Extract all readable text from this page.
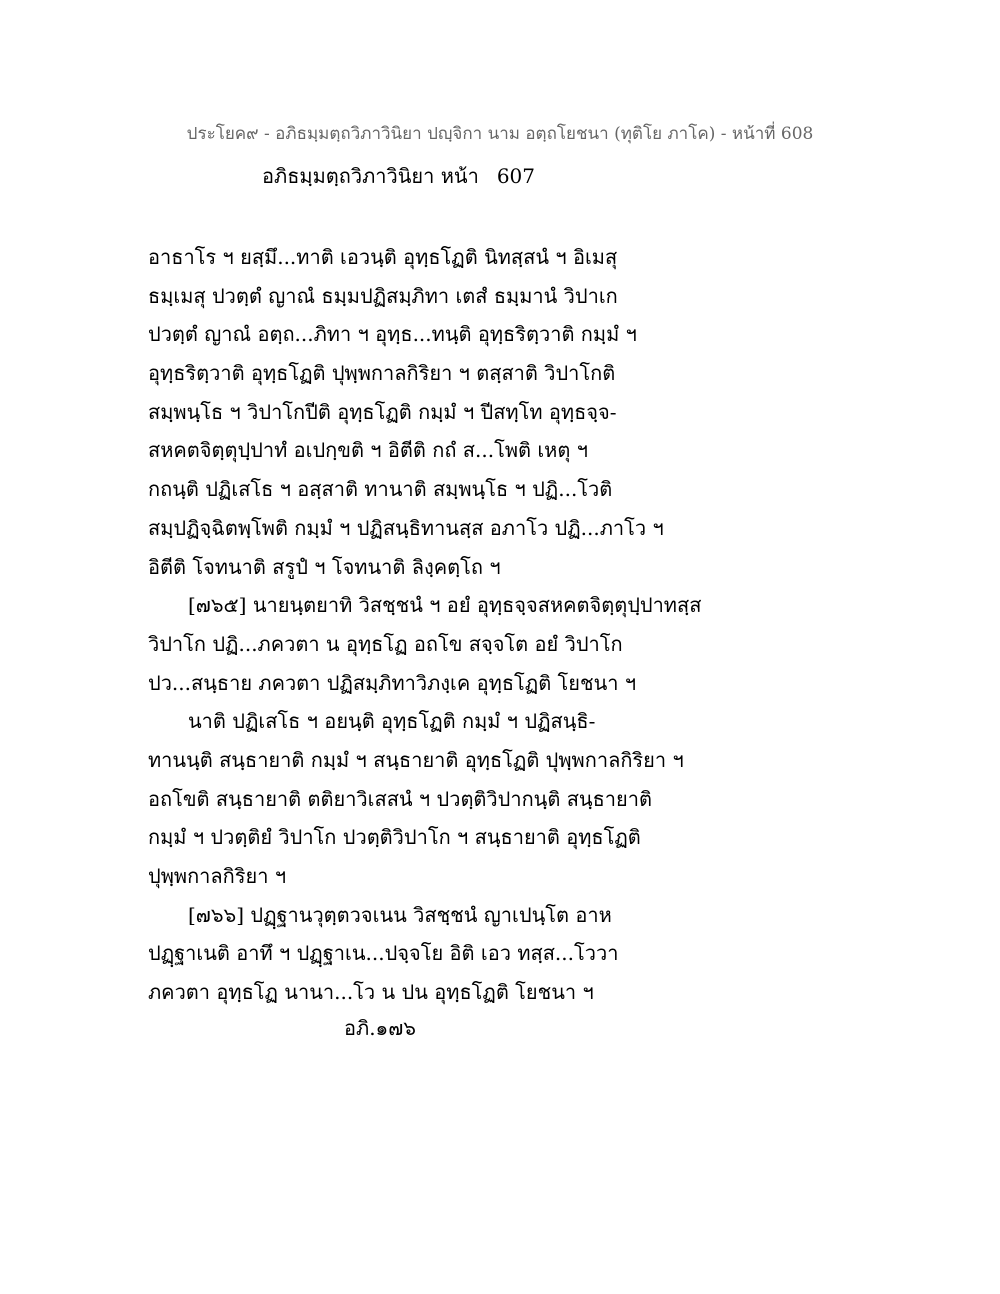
ประโยค๙ - อภิธมฺมตฺถวิภาวินิยา ปญฺจิกา นาม อตฺถโยชนา (ทุติโย ภาโค) - หน้าที่ 608
อภิธมฺมตฺถวิภาวินิยา หน้า 607
อาธาโร ฯ ยสฺมึ...ทาติ เอวนฺติ อุทฺธโฏติ นิทสฺสนํ ฯ อิเมสุ
ธมฺเมสุ ปวตฺตํ ญาณํ ธมฺมปฏิสมฺภิทา เตสํ ธมฺมานํ วิปาเก
ปวตฺตํ ญาณํ อตฺถ...ภิทา ฯ อุทฺธ...ทนฺติ อุทฺธริตฺวาติ กมฺมํ ฯ
อุทฺธริตฺวาติ อุทฺธโฏติ ปุพฺพกาลกิริยา ฯ ตสฺสาติ วิปาโกติ
สมฺพนฺโธ ฯ วิปาโกปีติ อุทฺธโฏติ กมฺมํ ฯ ปีสทฺโท อุทฺธจฺจ-
สหคตจิตฺตุปฺปาทํ อเปกฺขติ ฯ อิตีติ กถํ ส...โพติ เหตุ ฯ
กถนฺติ ปฏิเสโธ ฯ อสฺสาติ ทานาติ สมฺพนฺโธ ฯ ปฏิ...โวติ
สมฺปฏิจฺฉิตพฺโพติ กมฺมํ ฯ ปฏิสนฺธิทานสฺส อภาโว ปฏิ...ภาโว ฯ
อิตีติ โจทนาติ สรูปํ ฯ โจทนาติ ลิงฺคตฺโถ ฯ
[๗๖๕] นายนฺตยาทิ วิสชฺชนํ ฯ อยํ อุทฺธจฺจสหคตจิตฺตุปฺปาทสฺส
วิปาโก ปฏิ...ภควตา น อุทฺธโฏ อถโข สจฺจโต อยํ วิปาโก
ปว...สนฺธาย ภควตา ปฏิสมฺภิทาวิภงฺเค อุทฺธโฏติ โยชนา ฯ
นาติ ปฏิเสโธ ฯ อยนฺติ อุทฺธโฏติ กมฺมํ ฯ ปฏิสนฺธิ-
ทานนฺติ สนฺธายาติ กมฺมํ ฯ สนฺธายาติ อุทฺธโฏติ ปุพฺพกาลกิริยา ฯ
อถโขติ สนฺธายาติ ตติยาวิเสสนํ ฯ ปวตฺติวิปากนฺติ สนฺธายาติ
กมฺมํ ฯ ปวตฺติยํ วิปาโก ปวตฺติวิปาโก ฯ สนฺธายาติ อุทฺธโฏติ
ปุพฺพกาลกิริยา ฯ
[๗๖๖] ปฏฺฐานวุตฺตวจเนน วิสชฺชนํ ญาเปนฺโต อาห
ปฏฺฐาเนติ อาทึ ฯ ปฏฺฐาเน...ปจฺจโย อิติ เอว ทสฺส...โววา
ภควตา อุทฺธโฏ นานา...โว น ปน อุทฺธโฏติ โยชนา ฯ
อภิ.๑๗๖
